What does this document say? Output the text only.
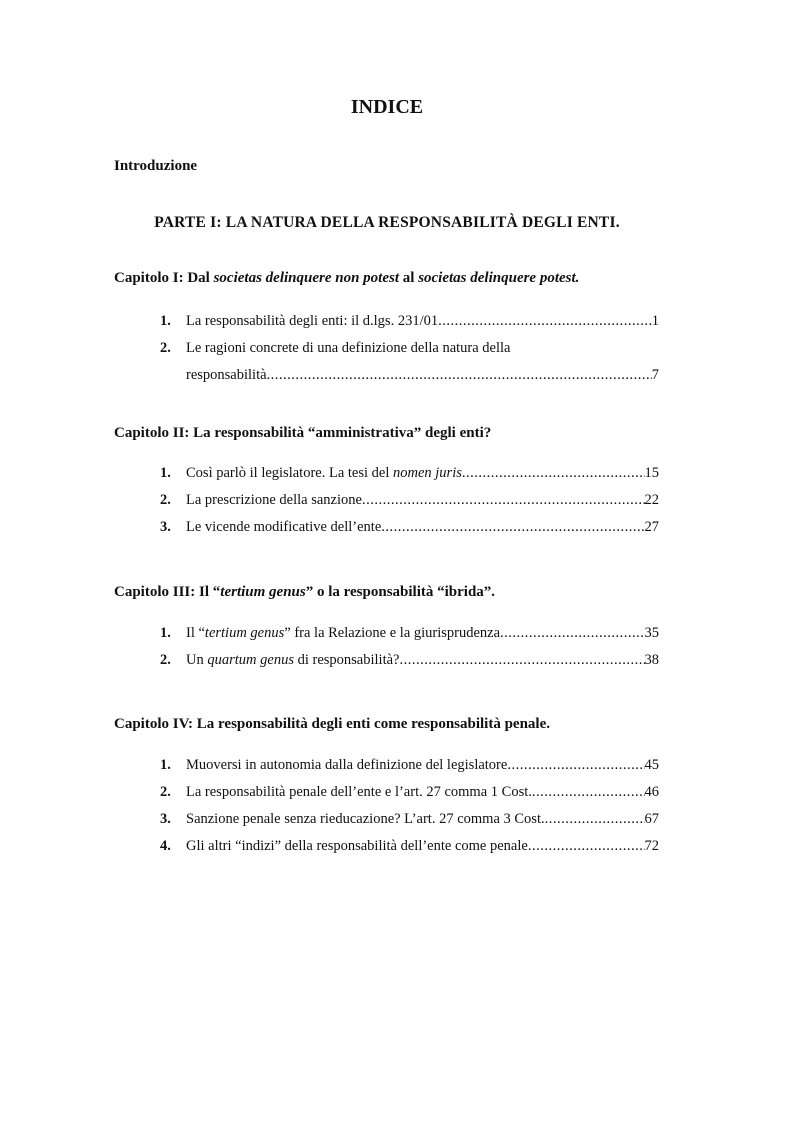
INDICE
Introduzione
PARTE I: LA NATURA DELLA RESPONSABILITÀ DEGLI ENTI.
Capitolo I: Dal societas delinquere non potest al societas delinquere potest.
1.	La responsabilità degli enti: il d.lgs. 231/01 .....	1
2.	Le ragioni concrete di una definizione della natura della
responsabilità .....	7
Capitolo II: La responsabilità “amministrativa” degli enti?
1.	Così parlò il legislatore. La tesi del nomen juris .....	15
2.	La prescrizione della sanzione .....	22
3.	Le vicende modificative dell’ente .....	27
Capitolo III: Il “tertium genus” o la responsabilità “ibrida”.
1.	Il “tertium genus” fra la Relazione e la giurisprudenza .....	35
2.	Un quartum genus di responsabilità? .....	38
Capitolo IV: La responsabilità degli enti come responsabilità penale.
1.	Muoversi in autonomia dalla definizione del legislatore .....	45
2.	La responsabilità penale dell’ente e l’art. 27 comma 1 Cost. .....	46
3.	Sanzione penale senza rieducazione? L’art. 27 comma 3 Cost. .....	67
4.	Gli altri “indizi” della responsabilità dell’ente come penale .....	72
